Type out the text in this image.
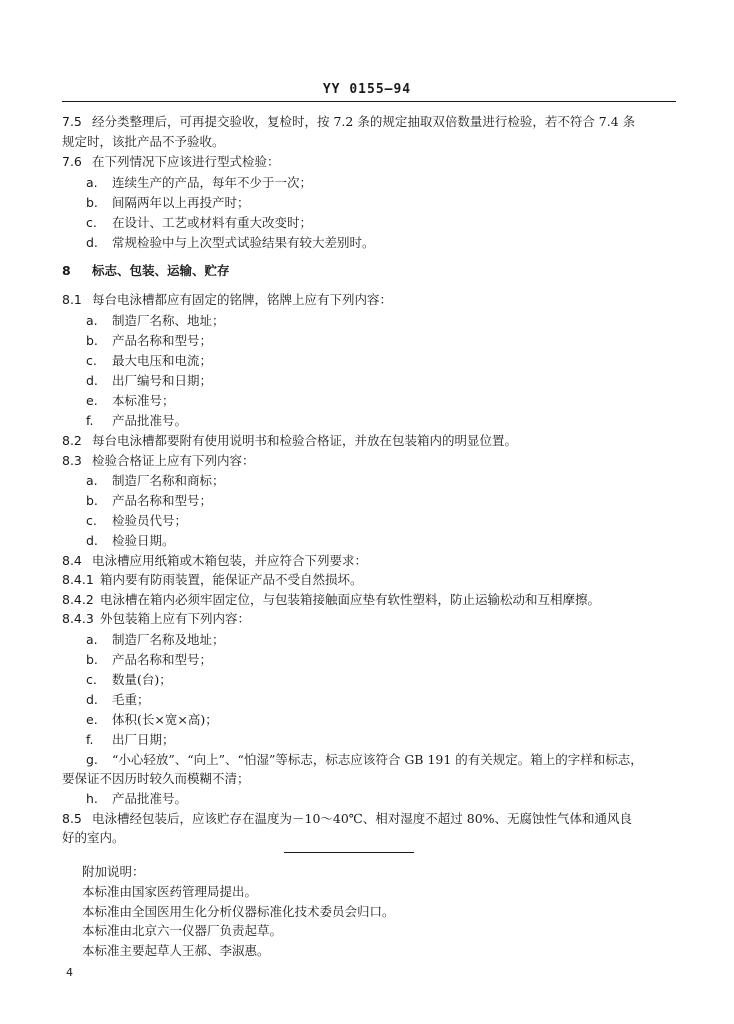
YY 0155—94
7.5 经分类整理后，可再提交验收，复检时，按 7.2 条的规定抽取双倍数量进行检验，若不符合 7.4 条
规定时，该批产品不予验收。
7.6 在下列情况下应该进行型式检验：
a. 连续生产的产品，每年不少于一次；
b. 间隔两年以上再投产时；
c. 在设计、工艺或材料有重大改变时；
d. 常规检验中与上次型式试验结果有较大差别时。
8 标志、包装、运输、贮存
8.1 每台电泳槽都应有固定的铭牌，铭牌上应有下列内容：
a. 制造厂名称、地址；
b. 产品名称和型号；
c. 最大电压和电流；
d. 出厂编号和日期；
e. 本标准号；
f. 产品批准号。
8.2 每台电泳槽都要附有使用说明书和检验合格证，并放在包装箱内的明显位置。
8.3 检验合格证上应有下列内容：
a. 制造厂名称和商标；
b. 产品名称和型号；
c. 检验员代号；
d. 检验日期。
8.4 电泳槽应用纸箱或木箱包装，并应符合下列要求：
8.4.1 箱内要有防雨装置，能保证产品不受自然损坏。
8.4.2 电泳槽在箱内必须牢固定位，与包装箱接触面应垫有软性塑料，防止运输松动和互相摩擦。
8.4.3 外包装箱上应有下列内容：
a. 制造厂名称及地址；
b. 产品名称和型号；
c. 数量(台)；
d. 毛重；
e. 体积(长×宽×高)；
f. 出厂日期；
g. “小心轻放”、“向上”、“怕湿”等标志，标志应该符合 GB 191 的有关规定。箱上的字样和标志，
要保证不因历时较久而模糊不清；
h. 产品批准号。
8.5 电泳槽经包装后，应该贮存在温度为－10～40℃、相对湿度不超过 80%、无腐蚀性气体和通风良
好的室内。
附加说明：
本标准由国家医药管理局提出。
本标准由全国医用生化分析仪器标准化技术委员会归口。
本标准由北京六一仪器厂负责起草。
本标准主要起草人王郝、李淑惠。
4
